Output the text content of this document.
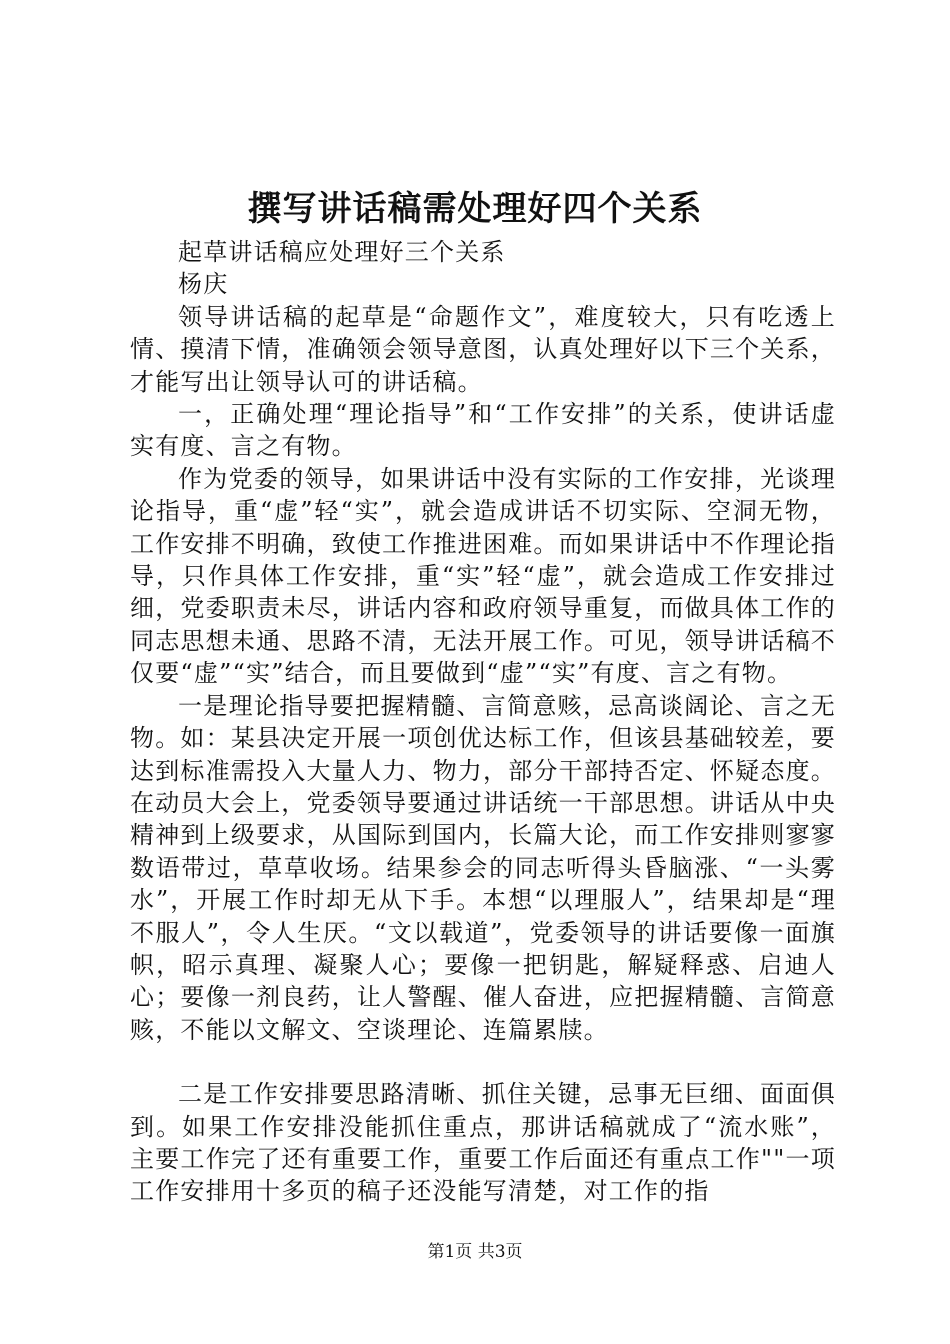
撰写讲话稿需处理好四个关系

起草讲话稿应处理好三个关系

杨庆

领导讲话稿的起草是“命题作文”，难度较大，只有吃透上情、摸清下情，准确领会领导意图，认真处理好以下三个关系，才能写出让领导认可的讲话稿。

一，正确处理“理论指导”和“工作安排”的关系，使讲话虚实有度、言之有物。

作为党委的领导，如果讲话中没有实际的工作安排，光谈理论指导，重“虚”轻“实”，就会造成讲话不切实际、空洞无物，工作安排不明确，致使工作推进困难。而如果讲话中不作理论指导，只作具体工作安排，重“实”轻“虚”，就会造成工作安排过细，党委职责未尽，讲话内容和政府领导重复，而做具体工作的同志思想未通、思路不清，无法开展工作。可见，领导讲话稿不仅要“虚”“实”结合，而且要做到“虚”“实”有度、言之有物。

一是理论指导要把握精髓、言简意赅，忌高谈阔论、言之无物。如：某县决定开展一项创优达标工作，但该县基础较差，要达到标准需投入大量人力、物力，部分干部持否定、怀疑态度。在动员大会上，党委领导要通过讲话统一干部思想。讲话从中央精神到上级要求，从国际到国内，长篇大论，而工作安排则寥寥数语带过，草草收场。结果参会的同志听得头昏脑涨、“一头雾水”，开展工作时却无从下手。本想“以理服人”，结果却是“理不服人”，令人生厌。“文以载道”，党委领导的讲话要像一面旗帜，昭示真理、凝聚人心；要像一把钥匙，解疑释惑、启迪人心；要像一剂良药，让人警醒、催人奋进，应把握精髓、言简意赅，不能以文解文、空谈理论、连篇累牍。

二是工作安排要思路清晰、抓住关键，忌事无巨细、面面俱到。如果工作安排没能抓住重点，那讲话稿就成了“流水账”，主要工作完了还有重要工作，重要工作后面还有重点工作""一项工作安排用十多页的稿子还没能写清楚，对工作的指

第1页 共3页
